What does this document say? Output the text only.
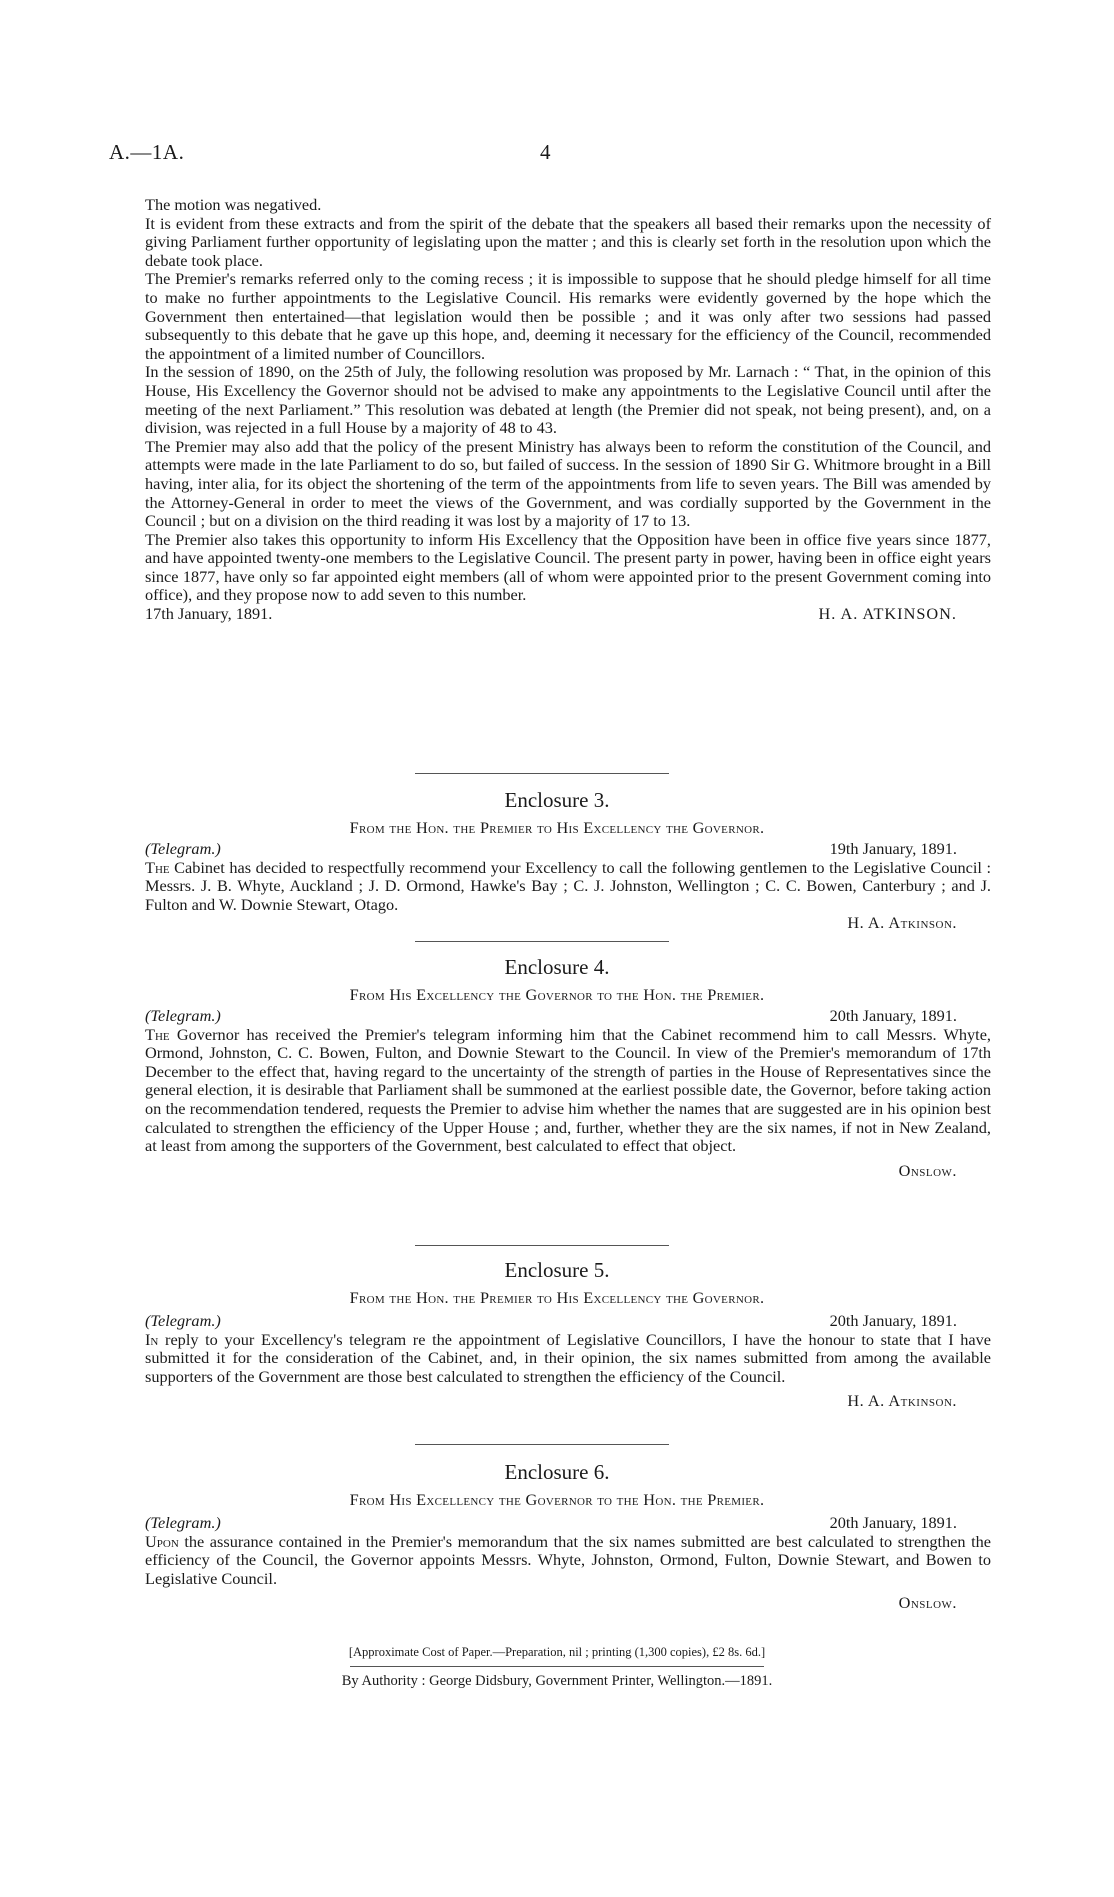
A.—1A.	4

The motion was negatived.

It is evident from these extracts and from the spirit of the debate that the speakers all based their remarks upon the necessity of giving Parliament further opportunity of legislating upon the matter ; and this is clearly set forth in the resolution upon which the debate took place.

The Premier's remarks referred only to the coming recess ; it is impossible to suppose that he should pledge himself for all time to make no further appointments to the Legislative Council. His remarks were evidently governed by the hope which the Government then entertained—that legislation would then be possible ; and it was only after two sessions had passed subsequently to this debate that he gave up this hope, and, deeming it necessary for the efficiency of the Council, recommended the appointment of a limited number of Councillors.

In the session of 1890, on the 25th of July, the following resolution was proposed by Mr. Larnach : “ That, in the opinion of this House, His Excellency the Governor should not be advised to make any appointments to the Legislative Council until after the meeting of the next Parliament.” This resolution was debated at length (the Premier did not speak, not being present), and, on a division, was rejected in a full House by a majority of 48 to 43.

The Premier may also add that the policy of the present Ministry has always been to reform the constitution of the Council, and attempts were made in the late Parliament to do so, but failed of success. In the session of 1890 Sir G. Whitmore brought in a Bill having, inter alia, for its object the shortening of the term of the appointments from life to seven years. The Bill was amended by the Attorney-General in order to meet the views of the Government, and was cordially supported by the Government in the Council ; but on a division on the third reading it was lost by a majority of 17 to 13.

The Premier also takes this opportunity to inform His Excellency that the Opposition have been in office five years since 1877, and have appointed twenty-one members to the Legislative Council. The present party in power, having been in office eight years since 1877, have only so far appointed eight members (all of whom were appointed prior to the present Government coming into office), and they propose now to add seven to this number.

17th January, 1891.	H. A. ATKINSON.
Enclosure 3.
From the Hon. the Premier to His Excellency the Governor.
(Telegram.)	19th January, 1891.

The Cabinet has decided to respectfully recommend your Excellency to call the following gentlemen to the Legislative Council : Messrs. J. B. Whyte, Auckland ; J. D. Ormond, Hawke's Bay ; C. J. Johnston, Wellington ; C. C. Bowen, Canterbury ; and J. Fulton and W. Downie Stewart, Otago.

H. A. Atkinson.
Enclosure 4.
From His Excellency the Governor to the Hon. the Premier.
(Telegram.)	20th January, 1891.

The Governor has received the Premier's telegram informing him that the Cabinet recommend him to call Messrs. Whyte, Ormond, Johnston, C. C. Bowen, Fulton, and Downie Stewart to the Council. In view of the Premier's memorandum of 17th December to the effect that, having regard to the uncertainty of the strength of parties in the House of Representatives since the general election, it is desirable that Parliament shall be summoned at the earliest possible date, the Governor, before taking action on the recommendation tendered, requests the Premier to advise him whether the names that are suggested are in his opinion best calculated to strengthen the efficiency of the Upper House ; and, further, whether they are the six names, if not in New Zealand, at least from among the supporters of the Government, best calculated to effect that object.

Onslow.
Enclosure 5.
From the Hon. the Premier to His Excellency the Governor.
(Telegram.)	20th January, 1891.

In reply to your Excellency's telegram re the appointment of Legislative Councillors, I have the honour to state that I have submitted it for the consideration of the Cabinet, and, in their opinion, the six names submitted from among the available supporters of the Government are those best calculated to strengthen the efficiency of the Council.

H. A. Atkinson.
Enclosure 6.
From His Excellency the Governor to the Hon. the Premier.
(Telegram.)	20th January, 1891.

Upon the assurance contained in the Premier's memorandum that the six names submitted are best calculated to strengthen the efficiency of the Council, the Governor appoints Messrs. Whyte, Johnston, Ormond, Fulton, Downie Stewart, and Bowen to Legislative Council.

Onslow.
[Approximate Cost of Paper.—Preparation, nil ; printing (1,300 copies), £2 8s. 6d.]
By Authority : George Didsbury, Government Printer, Wellington.—1891.
